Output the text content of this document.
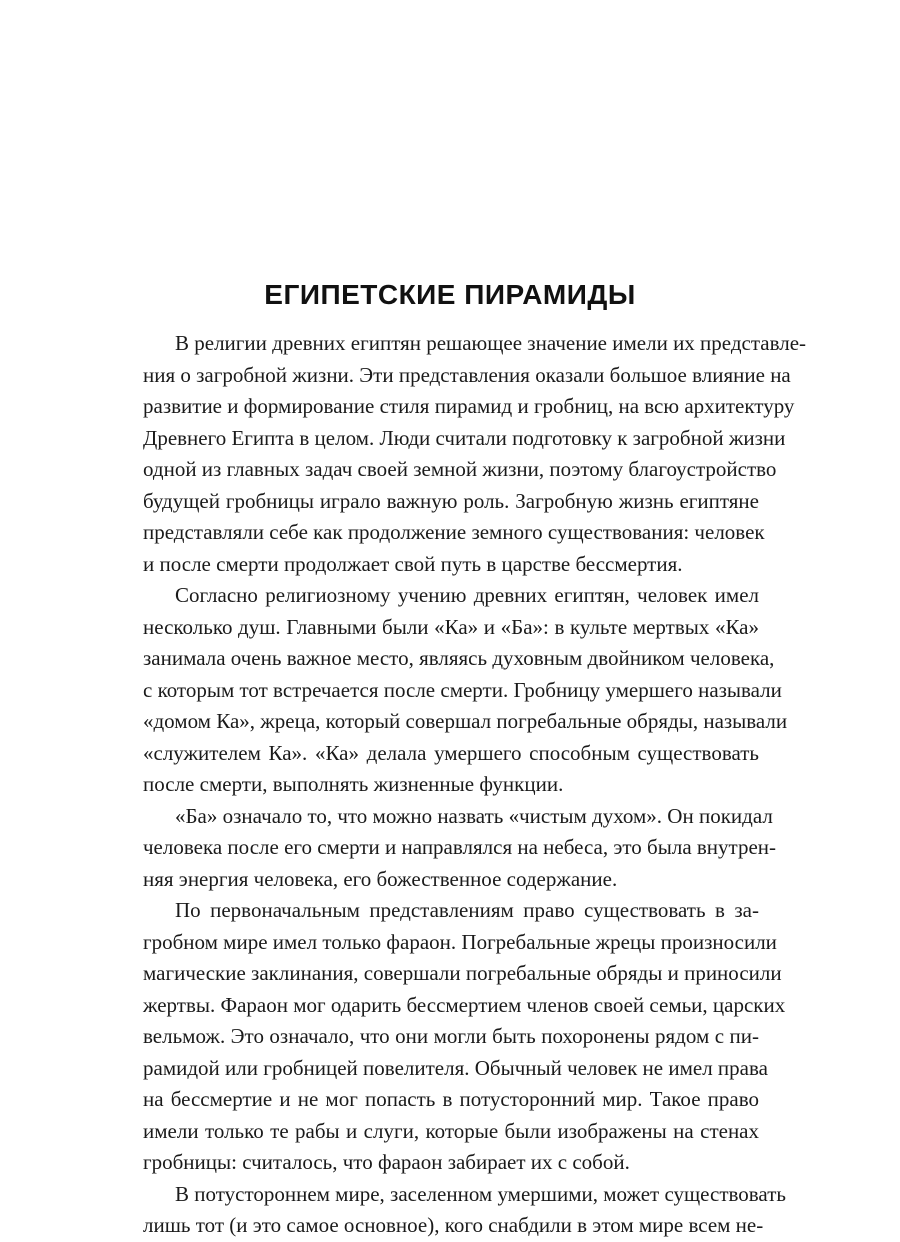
ЕГИПЕТСКИЕ ПИРАМИДЫ

В религии древних египтян решающее значение имели их представле-
ния о загробной жизни. Эти представления оказали большое влияние на
развитие и формирование стиля пирамид и гробниц, на всю архитектуру
Древнего Египта в целом. Люди считали подготовку к загробной жизни
одной из главных задач своей земной жизни, поэтому благоустройство
будущей гробницы играло важную роль. Загробную жизнь египтяне
представляли себе как продолжение земного существования: человек
и после смерти продолжает свой путь в царстве бессмертия.

Согласно религиозному учению древних египтян, человек имел
несколько душ. Главными были «Ка» и «Ба»: в культе мертвых «Ка»
занимала очень важное место, являясь духовным двойником человека,
с которым тот встречается после смерти. Гробницу умершего называли
«домом Ка», жреца, который совершал погребальные обряды, называли
«служителем Ка». «Ка» делала умершего способным существовать
после смерти, выполнять жизненные функции.

«Ба» означало то, что можно назвать «чистым духом». Он покидал
человека после его смерти и направлялся на небеса, это была внутрен-
няя энергия человека, его божественное содержание.

По первоначальным представлениям право существовать в за-
гробном мире имел только фараон. Погребальные жрецы произносили
магические заклинания, совершали погребальные обряды и приносили
жертвы. Фараон мог одарить бессмертием членов своей семьи, царских
вельмож. Это означало, что они могли быть похоронены рядом с пи-
рамидой или гробницей повелителя. Обычный человек не имел права
на бессмертие и не мог попасть в потусторонний мир. Такое право
имели только те рабы и слуги, которые были изображены на стенах
гробницы: считалось, что фараон забирает их с собой.

В потустороннем мире, заселенном умершими, может существовать
лишь тот (и это самое основное), кого снабдили в этом мире всем не-
